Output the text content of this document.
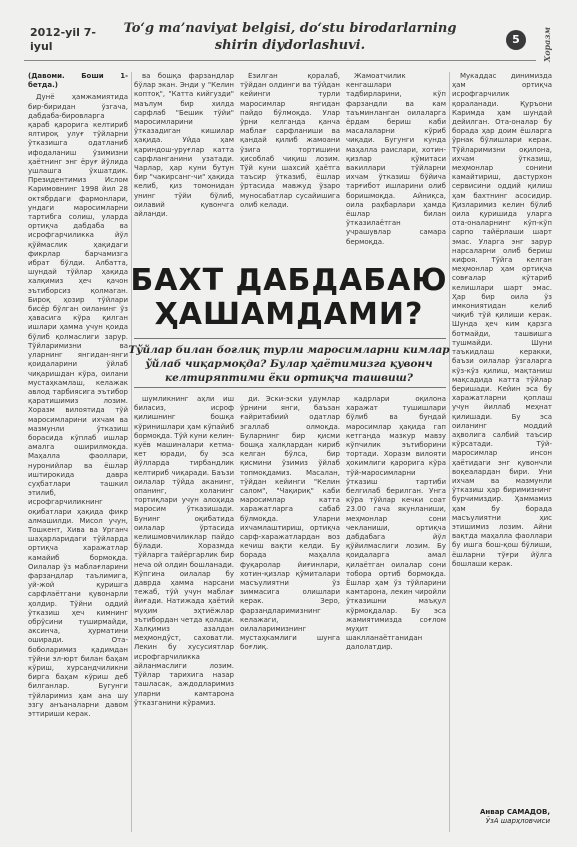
2012-yil 7-iyul
To‘g ma’naviyat belgisi, do‘stu birodarlarning shirin diydorlashuvi.	5	Хоразм

(Давоми. Боши 1-бетда.)

Дунё ҳамжамиятида бир-биридан ўзгача, дабдаба-бировларга қараб қарорига келтириб ялтироқ улуғ тўйларни ўтказишга одатланиб ифодаланиш ўзимизни ҳаётнинг энг ёруғ йўлида ушлашга ўхшатдик. Президентимиз Ислом Каримовнинг 1998 йил 28 октябрдаги фармонлари, ундаги маросимларни тартибга солиш, уларда ортиқча дабдаба ва исрофгарчиликка йўл қўймаслик ҳақидаги фикрлар барчамизга ибрат бўлди. Албатта, шундай тўйлар ҳақида халқимиз ҳеч қачон эътиборсиз қолмаган. Бироқ ҳозир тўйлари бисёр бўлган оиланинг ўз ҳавасига кўра қилган ишлари ҳамма учун қоида бўлиб қолмаслиги зарур. Тўйларимизни ва уларнинг янгидан-янги қоидаларини ўйлаб чиқаришдан кўра, оилани мустаҳкамлаш, келажак авлод тарбиясига эътибор қаратишимиз лозим. Хоразм вилоятида тўй маросимларини ихчам ва мазмунли ўтказиш борасида кўплаб ишлар амалга оширилмоқда. Маҳалла фаоллари, нуронийлар ва ёшлар иштирокида давра суҳбатлари ташкил этилиб, исрофгарчиликнинг оқибатлари ҳақида фикр алмашилди. Мисол учун, Тошкент, Хива ва Урганч шаҳарларидаги тўйларда ортиқча харажатлар камайиб бормоқда. Оилалар ўз маблағларини фарзандлар таълимига, уй-жой қуришга сарфлаётгани қувонарли ҳолдир. Тўйни оддий ўтказиш ҳеч кимнинг обрўсини туширмайди, аксинча, ҳурматини оширади. Ота-боболаримиз қадимдан тўйни эл-юрт билан баҳам кўриш, хурсандчиликни бирга баҳам кўриш деб билганлар. Бугунги тўйларимиз ҳам ана шу эзгу анъаналарни давом эттириши керак.

ва бошқа фарзандлар бўлар экан. Энди у "Келин коптоқ", "Катта кийгузди" маълум бир хилда сарфлаб "Бешик тўйи" маросимларини ўтказадиган кишилар ҳақида. Уйда ҳам қариндош-уруғлар катта сарфланганини узатади. Чарлар, ҳар куни бутун бир "чакирсанг-чи" ҳақида келиб, қиз томонидан унинг тўйи бўлиб, оилавий қувончга айланди.

Ёзилган қоралаб, тўйдан олдинги ва тўйдан кейинги турли маросимлар янгидан пайдо бўлмоқда. Улар ўрни келганда қанча маблағ сарфланиши ва қандай қилиб жамоани ўзига тортишини ҳисоблаб чиқиш лозим. Тўй куни шахсий ҳаётга таъсир ўтказиб, ёшлар ўртасида мавжуд ўзаро муносабатлар сусайишига олиб келади.

Жамоатчилик кенгашлари тадбирларини, кўп фарзандли ва кам таъминланган оилаларга ёрдам бериш каби масалаларни кўриб чиқади. Бугунги кунда маҳалла раислари, хотин-қизлар қўмитаси вакиллари тўйларни ихчам ўтказиш бўйича тарғибот ишларини олиб боришмоқда. Айниқса, оила раҳбарлари ҳамда ёшлар билан ўтказилаётган учрашувлар самара бермоқда.

БАХТ ДАБДАБАЮ ҲАШАМДАМИ?
Тўйлар билан боғлиқ турли маросимларни кимлар ўйлаб чиқармоқда? Булар ҳаётимизга қувонч келтиряптими ёки ортиқча ташвиш?

шумликнинг аҳли иш биласиз, исроф қилишнинг бошқа кўринишлари ҳам кўпайиб бормоқда. Тўй куни келин-куёв машиналари кетма-кет юради, бу эса йўлларда тирбандлик келтириб чиқаради. Баъзи оилалар тўйда аканинг, опанинг, холанинг тортиқлари учун алоҳида маросим ўтказишади. Бунинг оқибатида оилалар ўртасида келишмовчиликлар пайдо бўлади. Хоразмда тўйларга тайёргарлик бир неча ой олдин бошланади. Кўпгина оилалар бу даврда ҳамма нарсани тежаб, тўй учун маблағ йиғади. Натижада ҳаётий муҳим эҳтиёжлар эътибордан четда қолади. Халқимиз азалдан меҳмондўст, саховатли. Лекин бу хусусиятлар исрофгарчиликка айланмаслиги лозим. Тўйлар тарихига назар ташласак, аждодларимиз уларни камтарона ўтказганини кўрамиз.

ди. Эски-эски удумлар ўрнини янги, баъзан ғайритабиий одатлар эгаллаб олмоқда. Буларнинг бир қисми бошқа халқлардан кириб келган бўлса, бир қисмини ўзимиз ўйлаб топмоқдамиз. Масалан, тўйдан кейинги "Келин салом", "Чақириқ" каби маросимлар катта харажатларга сабаб бўлмоқда. Уларни ихчамлаштириш, ортиқча сарф-харажатлардан воз кечиш вақти келди. Бу борада маҳалла фуқаролар йиғинлари, хотин-қизлар қўмиталари масъулиятни ўз зиммасига олишлари керак. Зеро, фарзандларимизнинг келажаги, оилаларимизнинг мустаҳкамлиги шунга боғлиқ.

кадрлари оқилона харажат тушишлари бўлиб ва бундай маросимлар ҳақида гап кетганда мазкур мавзу кўпчилик эътиборини тортади. Хоразм вилояти ҳокимлиги қарорига кўра тўй-маросимларни ўтказиш тартиби белгилаб берилган. Унга кўра тўйлар кечки соат 23.00 гача якунланиши, меҳмонлар сони чекланиши, ортиқча дабдабага йўл қўйилмаслиги лозим. Бу қоидаларга амал қилаётган оилалар сони тобора ортиб бормоқда. Ёшлар ҳам ўз тўйларини камтарона, лекин чиройли ўтказишни маъқул кўрмоқдалар. Бу эса жамиятимизда соғлом муҳит шаклланаётганидан далолатдир.

Мукаддас динимизда ҳам ортиқча исрофгарчилик қораланади. Қуръони Каримда ҳам шундай дейилган. Ота-оналар бу борада ҳар доим ёшларга ўрнак бўлишлари керак. Тўйларимизни оқилона, ихчам ўтказиш, меҳмонлар сонини камайтириш, дастурхон сервисини оддий қилиш ҳам бахтнинг асосидир. Қизларимиз келин бўлиб оила қуришида уларга ота-оналарнинг кўп-кўп сарпо тайёрлаши шарт эмас. Уларга энг зарур нарсаларни олиб бериш кифоя. Тўйга келган меҳмонлар ҳам ортиқча совғалар кўтариб келишлари шарт эмас. Ҳар бир оила ўз имкониятидан келиб чиқиб тўй қилиши керак. Шунда ҳеч ким қарзга ботмайди, ташвишга тушмайди. Шуни таъкидлаш керакки, баъзи оилалар ўзгаларга кўз-кўз қилиш, мақтаниш мақсадида катта тўйлар беришади. Кейин эса бу харажатларни қоплаш учун йиллаб меҳнат қилишади. Бу эса оиланинг моддий аҳволига салбий таъсир кўрсатади. Тўй-маросимлар инсон ҳаётидаги энг қувончли воқеалардан бири. Уни ихчам ва мазмунли ўтказиш ҳар биримизнинг бурчимиздир. Ҳаммамиз ҳам бу борада масъулиятни ҳис этишимиз лозим. Айни вақтда маҳалла фаоллари бу ишга бош-қош бўлиши, ёшларни тўғри йўлга бошлаши керак.

Анвар САМАДОВ,
ЎзА шарҳловчиси
